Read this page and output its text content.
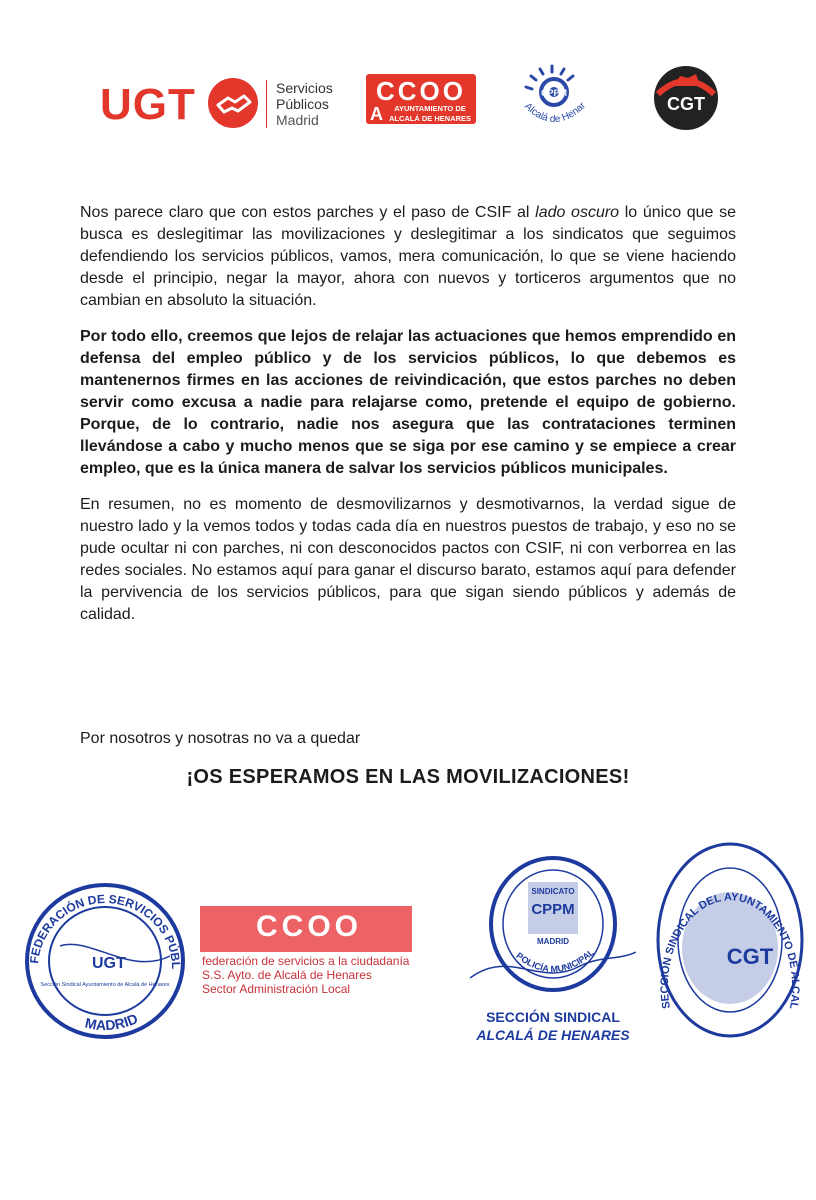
UGT	Servicios
Públicos
Madrid
CCOO
A	AYUNTAMIENTO DE
ALCALÁ DE HENARES
CPPM
Alcalá de Henar	CGT

Nos parece claro que con estos parches y el paso de CSIF al lado oscuro lo único que se busca es deslegitimar las movilizaciones y deslegitimar a los sindicatos que seguimos defendiendo los servicios públicos, vamos, mera comunicación, lo que se viene haciendo desde el principio, negar la mayor, ahora con nuevos y torticeros argumentos que no cambian en absoluto la situación.

Por todo ello, creemos que lejos de relajar las actuaciones que hemos emprendido en defensa del empleo público y de los servicios públicos, lo que debemos es mantenernos firmes en las acciones de reivindicación, que estos parches no deben servir como excusa a nadie para relajarse como, pretende el equipo de gobierno. Porque, de lo contrario, nadie nos asegura que las contrataciones terminen llevándose a cabo y mucho menos que se siga por ese camino y se empiece a crear empleo, que es la única manera de salvar los servicios públicos municipales.

En resumen, no es momento de desmovilizarnos y desmotivarnos, la verdad sigue de nuestro lado y la vemos todos y todas cada día en nuestros puestos de trabajo, y eso no se pude ocultar ni con parches, ni con desconocidos pactos con CSIF, ni con verborrea en las redes sociales. No estamos aquí para ganar el discurso barato, estamos aquí para defender la pervivencia de los servicios públicos, para que sigan siendo públicos y además de calidad.

Por nosotros y nosotras no va a quedar
¡OS ESPERAMOS EN LAS MOVILIZACIONES!
FEDERACIÓN DE SERVICIOS PÚBL
MADRID
UGT
Sección Sindical Ayuntamiento de Alcalá de Henares
CCOO
federación de servicios a la ciudadanía
S.S. Ayto. de Alcalá de Henares
Sector Administración Local
SINDICATO
CPPM
MADRID
POLICÍA MUNICIPAL
SECCIÓN SINDICAL
ALCALÁ DE HENARES
SECCIÓN SINDICAL DEL AYUNTAMIENTO DE ALCAL
CGT
